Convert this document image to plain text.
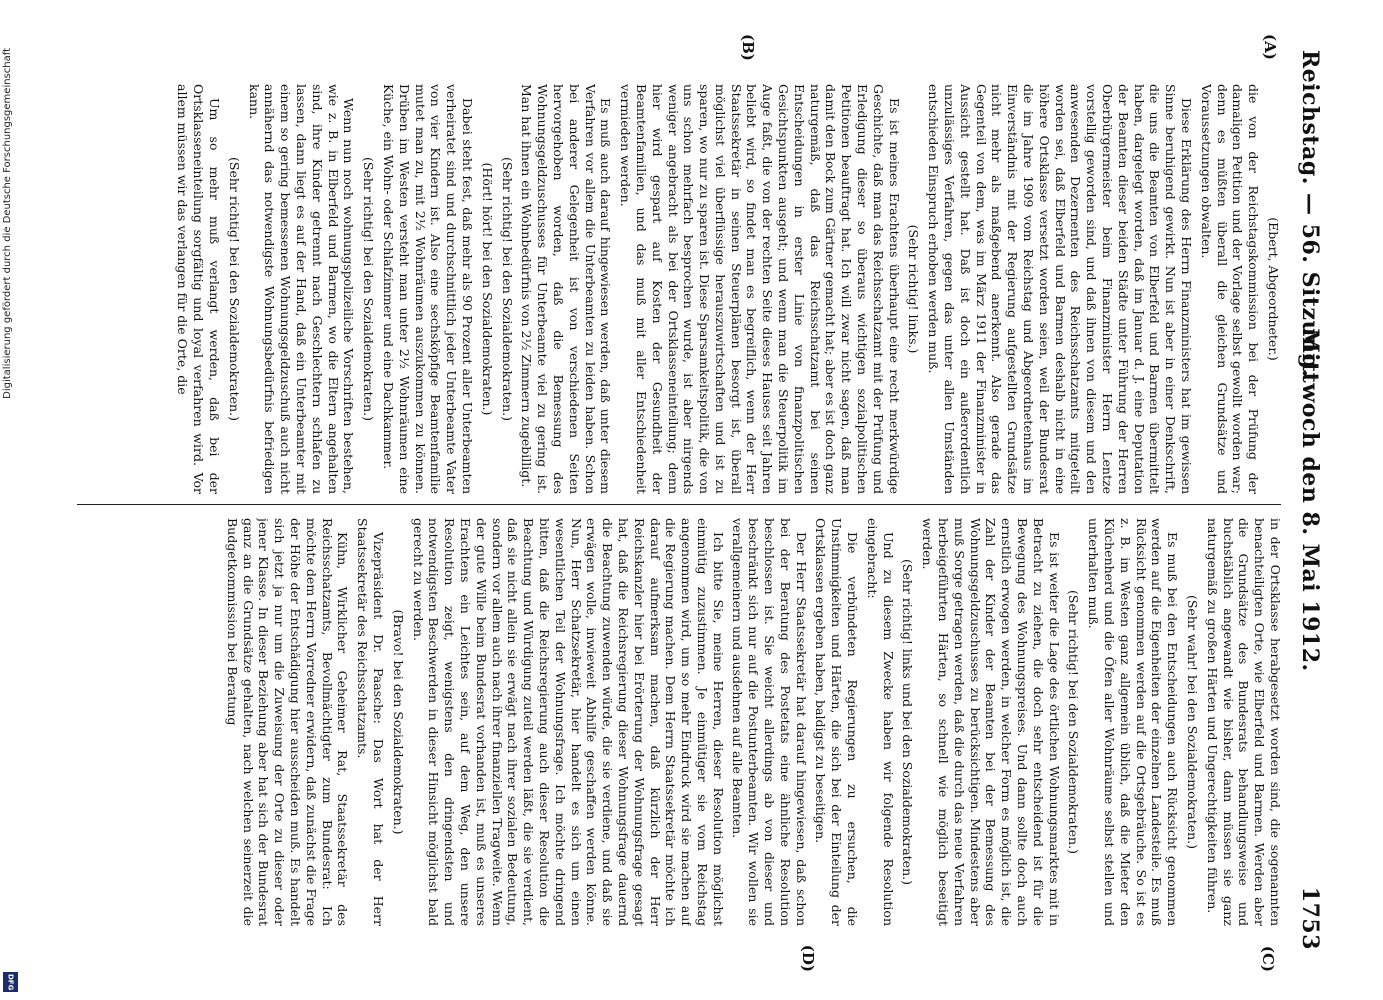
Digitalisierung gefördert durch die Deutsche Forschungsgemeinschaft
DFG
Reichstag. — 56. Sitzung.
Mittwoch den 8. Mai 1912.
1753
(A)
(B)
(C)
(D)

(Ebert, Abgeordneter.)

die von der Reichstagskommission bei der Prüfung der damaligen Petition und der Vorlage selbst gewollt worden war; denn es müßten überall die gleichen Grundsätze und Voraussetzungen obwalten.

Diese Erklärung des Herrn Finanzministers hat im gewissen Sinne beruhigend gewirkt. Nun ist aber in einer Denkschrift, die uns die Beamten von Elberfeld und Barmen übermittelt haben, dargelegt worden, daß im Januar d. J. eine Deputation der Beamten dieser beiden Städte unter Führung der Herren Oberbürgermeister beim Finanzminister Herrn Lentze vorstellig geworden sind, und daß ihnen von diesem und den anwesenden Dezernenten des Reichsschatzamts mitgeteilt worden sei, daß Elberfeld und Barmen deshalb nicht in eine höhere Ortsklasse versetzt worden seien, weil der Bundesrat die im Jahre 1909 vom Reichstag und Abgeordnetenhaus im Einverständnis mit der Regierung aufgestellten Grundsätze nicht mehr als maßgebend anerkennt. Also gerade das Gegenteil von dem, was im März 1911 der Finanzminister in Aussicht gestellt hat. Daß ist doch ein außerordentlich unzulässiges Verfahren, gegen das unter allen Umständen entschieden Einspruch erhoben werden muß.

(Sehr richtig! links.)

Es ist meines Erachtens überhaupt eine recht merkwürdige Geschichte, daß man das Reichsschatzamt mit der Prüfung und Erledigung dieser so überaus wichtigen sozialpolitischen Petitionen beauftragt hat. Ich will zwar nicht sagen, daß man damit den Bock zum Gärtner gemacht hat; aber es ist doch ganz naturgemäß, daß das Reichsschatzamt bei seinen Entscheidungen in erster Linie von finanzpolitischen Gesichtspunkten ausgeht; und wenn man die Steuerpolitik im Auge faßt, die von der rechten Seite dieses Hauses seit Jahren beliebt wird, so findet man es begreiflich, wenn der Herr Staatssekretär in seinen Steuerplänen besorgt ist, überall möglichst viel überflüssige herauszuwirtschaften und ist zu sparen, wo nur zu sparen ist. Diese Sparsamkeitspolitik, die von uns schon mehrfach besprochen wurde, ist aber nirgends weniger angebracht als bei der Ortsklasseneinteilung; denn hier wird gespart auf Kosten der Gesundheit der Beamtenfamilien, und das muß mit aller Entschiedenheit vermieden werden.

Es muß auch darauf hingewiesen werden, daß unter diesem Verfahren vor allem die Unterbeamten zu leiden haben. Schon bei anderer Gelegenheit ist von verschiedenen Seiten hervorgehoben worden, daß die Bemessung des Wohnungsgeldzuschusses für Unterbeamte viel zu gering ist. Man hat ihnen ein Wohnbedürfnis von 2½ Zimmern zugebilligt.

(Sehr richtig! bei den Sozialdemokraten.)

(Hört! hört! bei den Sozialdemokraten.)

Dabei steht fest, daß mehr als 90 Prozent aller Unterbeamten verheiratet sind und durchschnittlich jeder Unterbeamte Vater von vier Kindern ist. Also eine sechsköpfige Beamtenfamilie mutet man zu, mit 2½ Wohnräumen auszukommen zu können. Drüben im Westen versteht man unter 2½ Wohnräumen eine Küche, ein Wohn- oder Schlafzimmer und eine Dachkammer.

(Sehr richtig! bei den Sozialdemokraten.)

Wenn nun noch wohnungspolizeiliche Vorschriften bestehen, wie z. B. in Elberfeld und Barmen, wo die Eltern angehalten sind, ihre Kinder getrennt nach Geschlechtern schlafen zu lassen, dann liegt es auf der Hand, daß ein Unterbeamter mit einem so gering bemessenen Wohnungsgeldzuschuß auch nicht annähernd das notwendigste Wohnungsbedürfnis befriedigen kann.

(Sehr richtig! bei den Sozialdemokraten.)

Um so mehr muß verlangt werden, daß bei der Ortsklasseneinteilung sorgfältig und loyal verfahren wird. Vor allem müssen wir das verlangen für die Orte, die

in der Ortsklasse herabgesetzt worden sind, die sogenannten benachteiligten Orte, wie Elberfeld und Barmen. Werden aber die Grundsätze des Bundesrats behandlungsweise und buchstäblich angewandt wie bisher, dann müssen sie ganz naturgemäß zu großen Härten und Ungerechtigkeiten führen.

(Sehr wahr! bei den Sozialdemokraten.)

Es muß bei den Entscheidungen auch Rücksicht genommen werden auf die Eigenheiten der einzelnen Landesteile. Es muß Rücksicht genommen werden auf die Ortsgebräuche. So ist es z. B. im Westen ganz allgemein üblich, daß die Mieter den Küchenherd und die Öfen aller Wohnräume selbst stellen und unterhalten muß.

(Sehr richtig! bei den Sozialdemokraten.)

Es ist weiter die Lage des örtlichen Wohnungsmarktes mit in Betracht zu ziehen, die doch sehr entscheidend ist für die Bewegung des Wohnungspreises. Und dann sollte doch auch ernstlich erwogen werden, in welcher Form es möglich ist, die Zahl der Kinder der Beamten bei der Bemessung des Wohnungsgeldzuschusses zu berücksichtigen. Mindestens aber muß Sorge getragen werden, daß die durch das neue Verfahren herbeigeführten Härten, so schnell wie möglich beseitigt werden.

(Sehr richtig! links und bei den Sozialdemokraten.)

Und zu diesem Zwecke haben wir folgende Resolution eingebracht:

Die verbündeten Regierungen zu ersuchen, die Unstimmigkeiten und Härten, die sich bei der Einteilung der Ortsklassen ergeben haben, baldigst zu beseitigen.

Der Herr Staatssekretär hat darauf hingewiesen, daß schon bei der Beratung des Postetats eine ähnliche Resolution beschlossen ist. Sie weicht allerdings ab von dieser und beschränkt sich nur auf die Postunterbeamten. Wir wollen sie verallgemeinern und ausdehnen auf alle Beamten.

Ich bitte Sie, meine Herren, dieser Resolution möglichst einmütig zuzustimmen. Je einmütiger sie vom Reichstag angenommen wird, um so mehr Eindruck wird sie machen auf die Regierung machen. Dem Herrn Staatssekretär möchte ich darauf aufmerksam machen, daß kürzlich der Herr Reichskanzler hier bei Erörterung der Wohnungsfrage gesagt hat, daß die Reichsregierung dieser Wohnungsfrage dauernd die Beachtung zuwenden würde, die sie verdiene, und daß sie erwägen wolle, inwieweit Abhilfe geschaffen werden könne. Nun, Herr Schatzsekretär, hier handelt es sich um einen wesentlichen Teil der Wohnungsfrage. Ich möchte dringend bitten, daß die Reichsregierung auch dieser Resolution die Beachtung und Würdigung zuteil werden läßt, die sie verdient, daß sie nicht allein sie erwägt nach ihrer sozialen Bedeutung, sondern vor allem auch nach ihrer finanziellen Tragweite. Wenn der gute Wille beim Bundesrat vorhanden ist, muß es unseres Erachtens ein Leichtes sein, auf dem Weg, den unsere Resolution zeigt, wenigstens den dringendsten und notwendigsten Beschwerden in dieser Hinsicht möglichst bald gerecht zu werden.

(Bravo! bei den Sozialdemokraten.)

Vizepräsident Dr. Paasche: Das Wort hat der Herr Staatssekretär des Reichsschatzamts.

Kühn, Wirklicher Geheimer Rat, Staatssekretär des Reichsschatzamts, Bevollmächtigter zum Bundesrat: Ich möchte dem Herrn Vorredner erwidern, daß zunächst die Frage der Höhe der Entschädigung hier ausscheiden muß. Es handelt sich jetzt ja nur um die Zuweisung der Orte zu dieser oder jener Klasse. In dieser Beziehung aber hat sich der Bundesrat ganz an die Grundsätze gehalten, nach welchen seinerzeit die Budgetkommission bei Beratung
